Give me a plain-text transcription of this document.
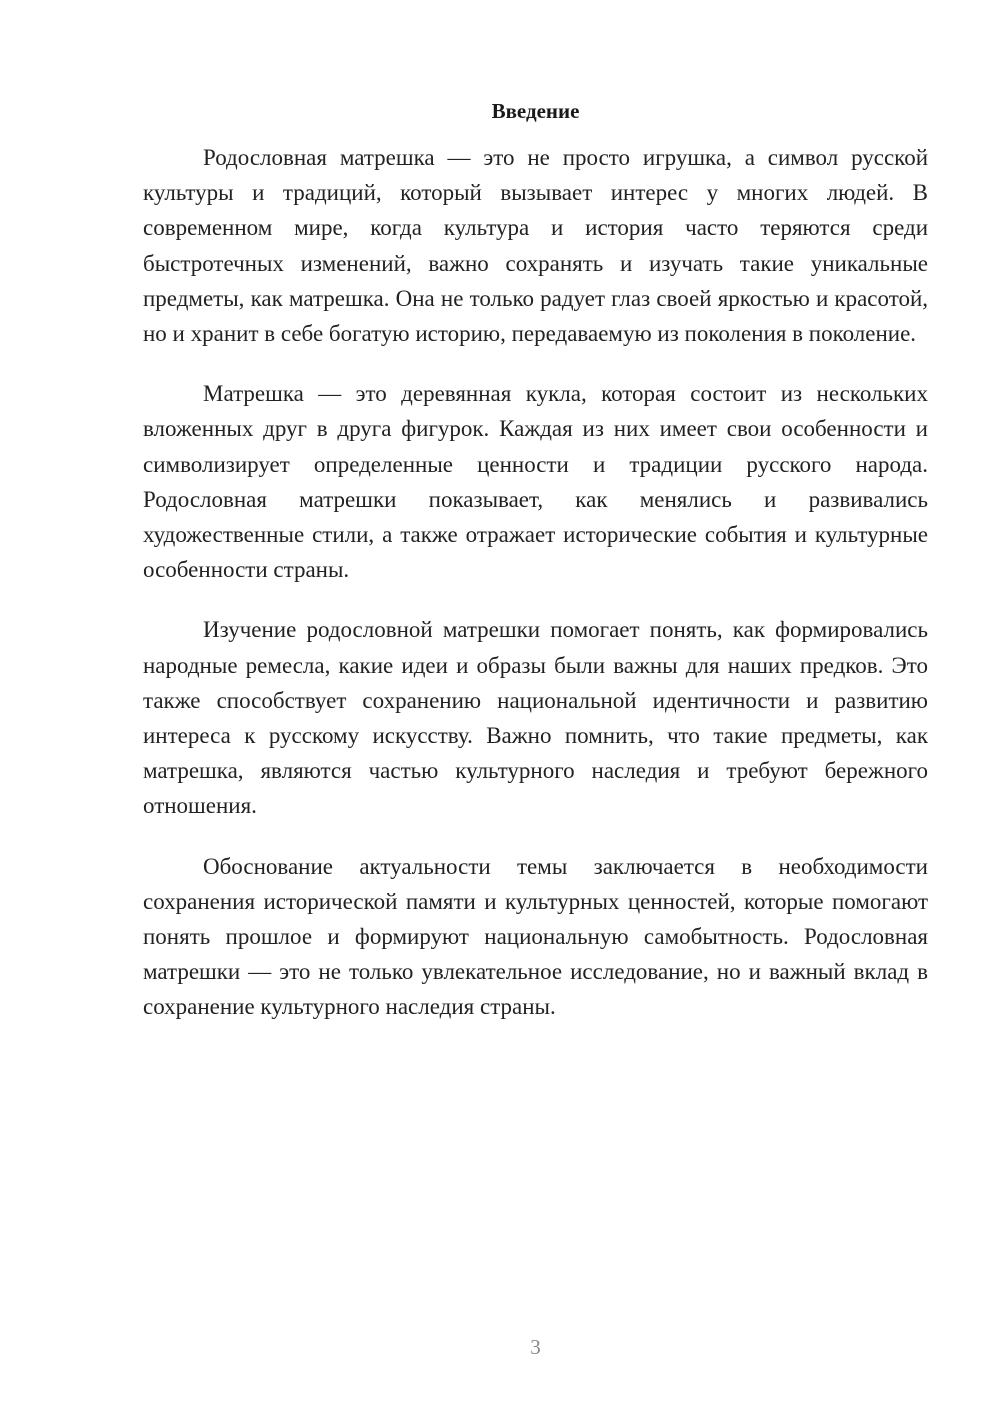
Введение

Родословная матрешка — это не просто игрушка, а символ русской культуры и традиций, который вызывает интерес у многих людей. В современном мире, когда культура и история часто теряются среди быстротечных изменений, важно сохранять и изучать такие уникальные предметы, как матрешка. Она не только радует глаз своей яркостью и красотой, но и хранит в себе богатую историю, передаваемую из поколения в поколение.

Матрешка — это деревянная кукла, которая состоит из нескольких вложенных друг в друга фигурок. Каждая из них имеет свои особенности и символизирует определенные ценности и традиции русского народа. Родословная матрешки показывает, как менялись и развивались художественные стили, а также отражает исторические события и культурные особенности страны.

Изучение родословной матрешки помогает понять, как формировались народные ремесла, какие идеи и образы были важны для наших предков. Это также способствует сохранению национальной идентичности и развитию интереса к русскому искусству. Важно помнить, что такие предметы, как матрешка, являются частью культурного наследия и требуют бережного отношения.

Обоснование актуальности темы заключается в необходимости сохранения исторической памяти и культурных ценностей, которые помогают понять прошлое и формируют национальную самобытность. Родословная матрешки — это не только увлекательное исследование, но и важный вклад в сохранение культурного наследия страны.

3
